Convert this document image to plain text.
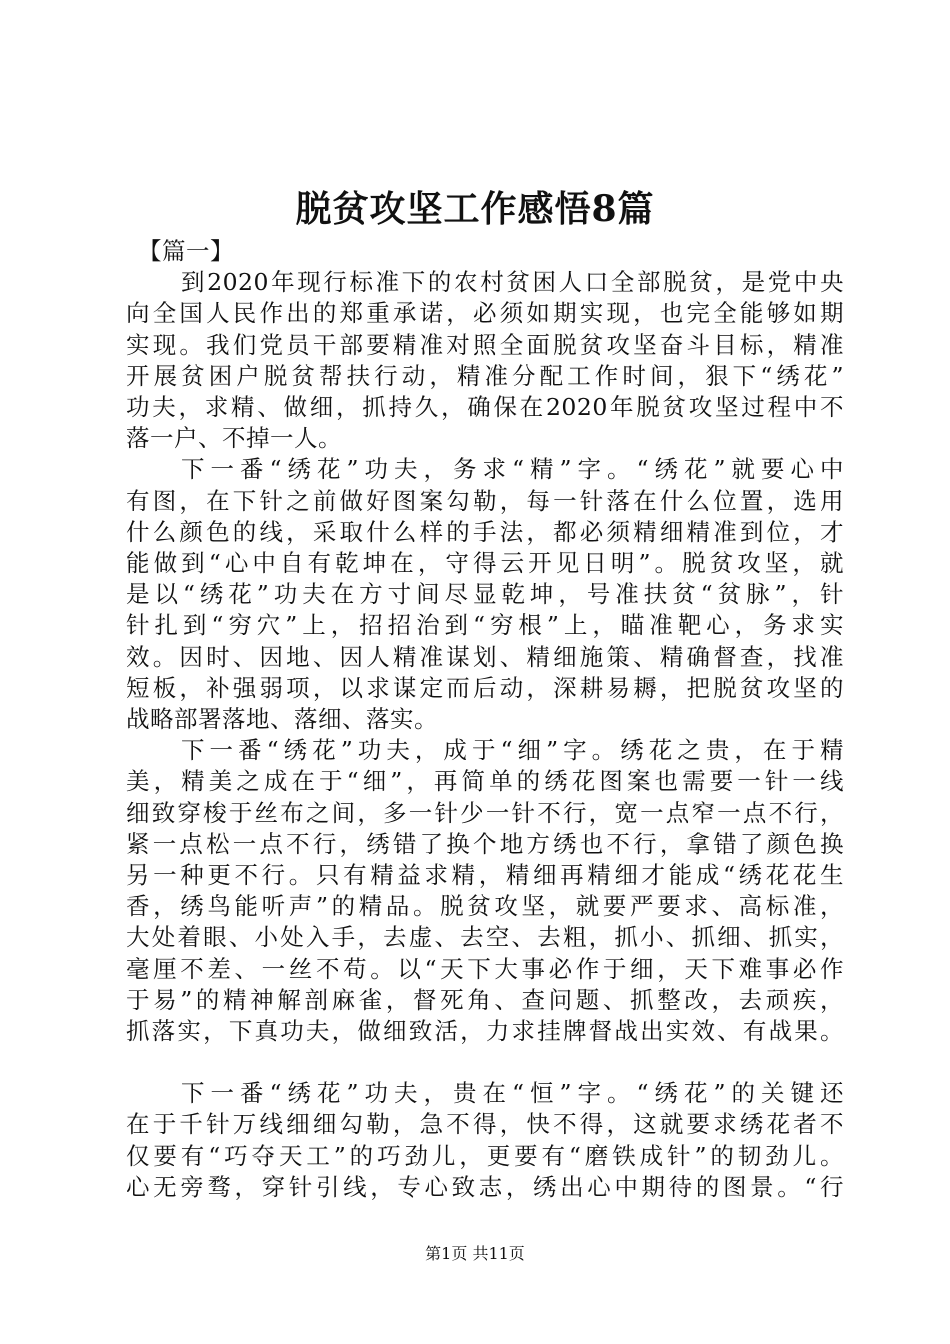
脱贫攻坚工作感悟8篇
【篇一】
到2020年现行标准下的农村贫困人口全部脱贫，是党中央
向全国人民作出的郑重承诺，必须如期实现，也完全能够如期
实现。我们党员干部要精准对照全面脱贫攻坚奋斗目标，精准
开展贫困户脱贫帮扶行动，精准分配工作时间，狠下“绣花”
功夫，求精、做细，抓持久，确保在2020年脱贫攻坚过程中不
落一户、不掉一人。
下一番“绣花”功夫，务求“精”字。“绣花”就要心中
有图，在下针之前做好图案勾勒，每一针落在什么位置，选用
什么颜色的线，采取什么样的手法，都必须精细精准到位，才
能做到“心中自有乾坤在，守得云开见日明”。脱贫攻坚，就
是以“绣花”功夫在方寸间尽显乾坤，号准扶贫“贫脉”，针
针扎到“穷穴”上，招招治到“穷根”上，瞄准靶心，务求实
效。因时、因地、因人精准谋划、精细施策、精确督查，找准
短板，补强弱项，以求谋定而后动，深耕易耨，把脱贫攻坚的
战略部署落地、落细、落实。
下一番“绣花”功夫，成于“细”字。绣花之贵，在于精
美，精美之成在于“细”，再简单的绣花图案也需要一针一线
细致穿梭于丝布之间，多一针少一针不行，宽一点窄一点不行，
紧一点松一点不行，绣错了换个地方绣也不行，拿错了颜色换
另一种更不行。只有精益求精，精细再精细才能成“绣花花生
香，绣鸟能听声”的精品。脱贫攻坚，就要严要求、高标准，
大处着眼、小处入手，去虚、去空、去粗，抓小、抓细、抓实，
毫厘不差、一丝不苟。以“天下大事必作于细，天下难事必作
于易”的精神解剖麻雀，督死角、查问题、抓整改，去顽疾，
抓落实，下真功夫，做细致活，力求挂牌督战出实效、有战果。
下一番“绣花”功夫，贵在“恒”字。“绣花”的关键还
在于千针万线细细勾勒，急不得，快不得，这就要求绣花者不
仅要有“巧夺天工”的巧劲儿，更要有“磨铁成针”的韧劲儿。
心无旁骛，穿针引线，专心致志，绣出心中期待的图景。“行
第1页 共11页
